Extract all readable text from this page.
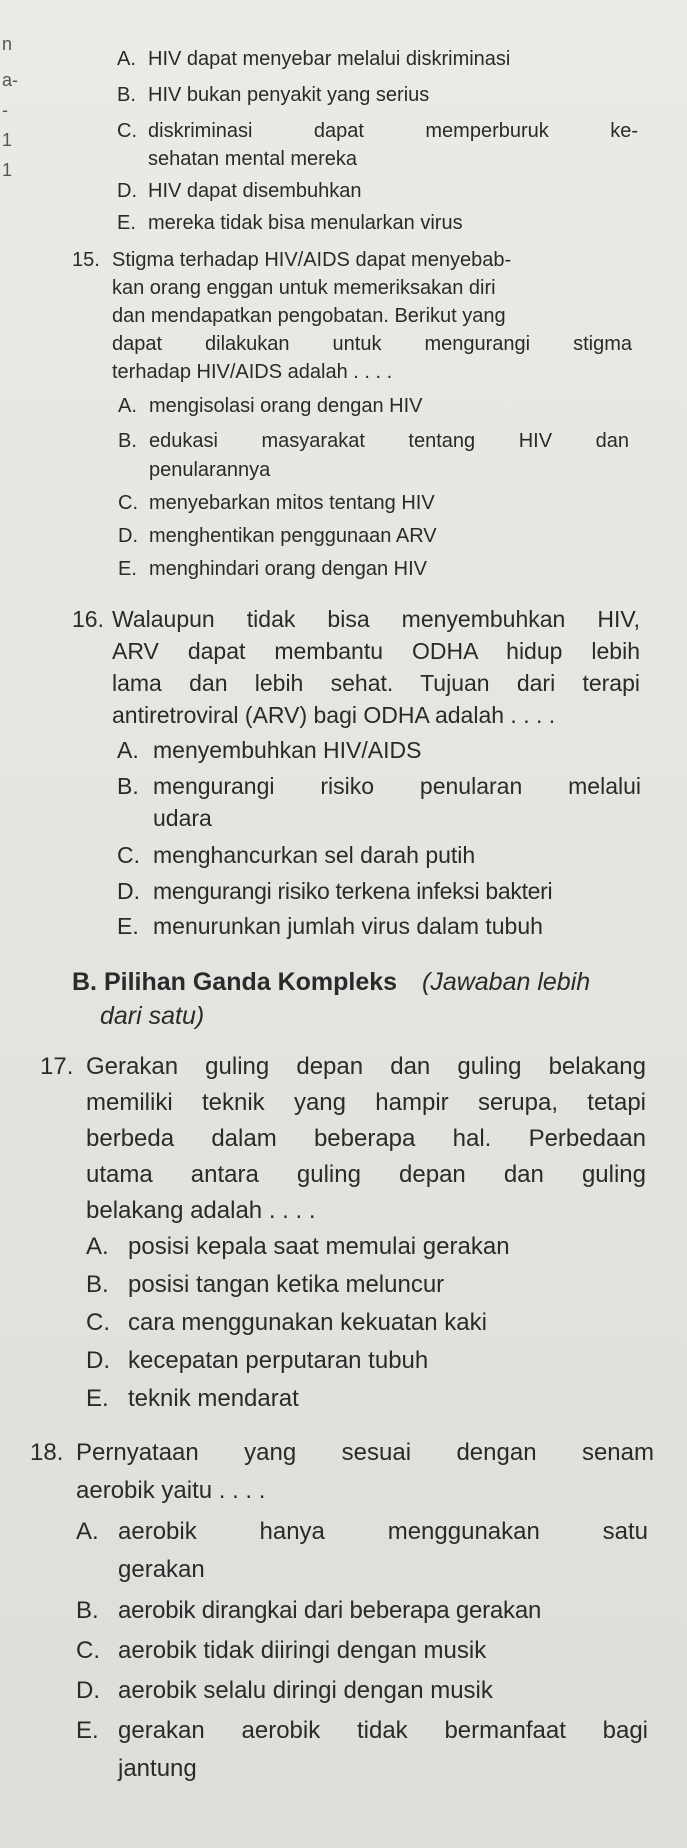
n
a-
-
1
1
A. HIV dapat menyebar melalui diskriminasi
B. HIV bukan penyakit yang serius
C. diskriminasi dapat memperburuk ke-
sehatan mental mereka
D. HIV dapat disembuhkan
E. mereka tidak bisa menularkan virus
15. Stigma terhadap HIV/AIDS dapat menyebab-
kan orang enggan untuk memeriksakan diri
dan mendapatkan pengobatan. Berikut yang
dapat dilakukan untuk mengurangi stigma
terhadap HIV/AIDS adalah . . . .
A. mengisolasi orang dengan HIV
B. edukasi masyarakat tentang HIV dan
penularannya
C. menyebarkan mitos tentang HIV
D. menghentikan penggunaan ARV
E. menghindari orang dengan HIV
16. Walaupun tidak bisa menyembuhkan HIV,
ARV dapat membantu ODHA hidup lebih
lama dan lebih sehat. Tujuan dari terapi
antiretroviral (ARV) bagi ODHA adalah . . . .
A. menyembuhkan HIV/AIDS
B. mengurangi risiko penularan melalui
udara
C. menghancurkan sel darah putih
D. mengurangi risiko terkena infeksi bakteri
E. menurunkan jumlah virus dalam tubuh
B. Pilihan Ganda Kompleks (Jawaban lebih
dari satu)
17. Gerakan guling depan dan guling belakang
memiliki teknik yang hampir serupa, tetapi
berbeda dalam beberapa hal. Perbedaan
utama antara guling depan dan guling
belakang adalah . . . .
A. posisi kepala saat memulai gerakan
B. posisi tangan ketika meluncur
C. cara menggunakan kekuatan kaki
D. kecepatan perputaran tubuh
E. teknik mendarat
18. Pernyataan yang sesuai dengan senam
aerobik yaitu . . . .
A. aerobik hanya menggunakan satu
gerakan
B. aerobik dirangkai dari beberapa gerakan
C. aerobik tidak diiringi dengan musik
D. aerobik selalu diringi dengan musik
E. gerakan aerobik tidak bermanfaat bagi
jantung
